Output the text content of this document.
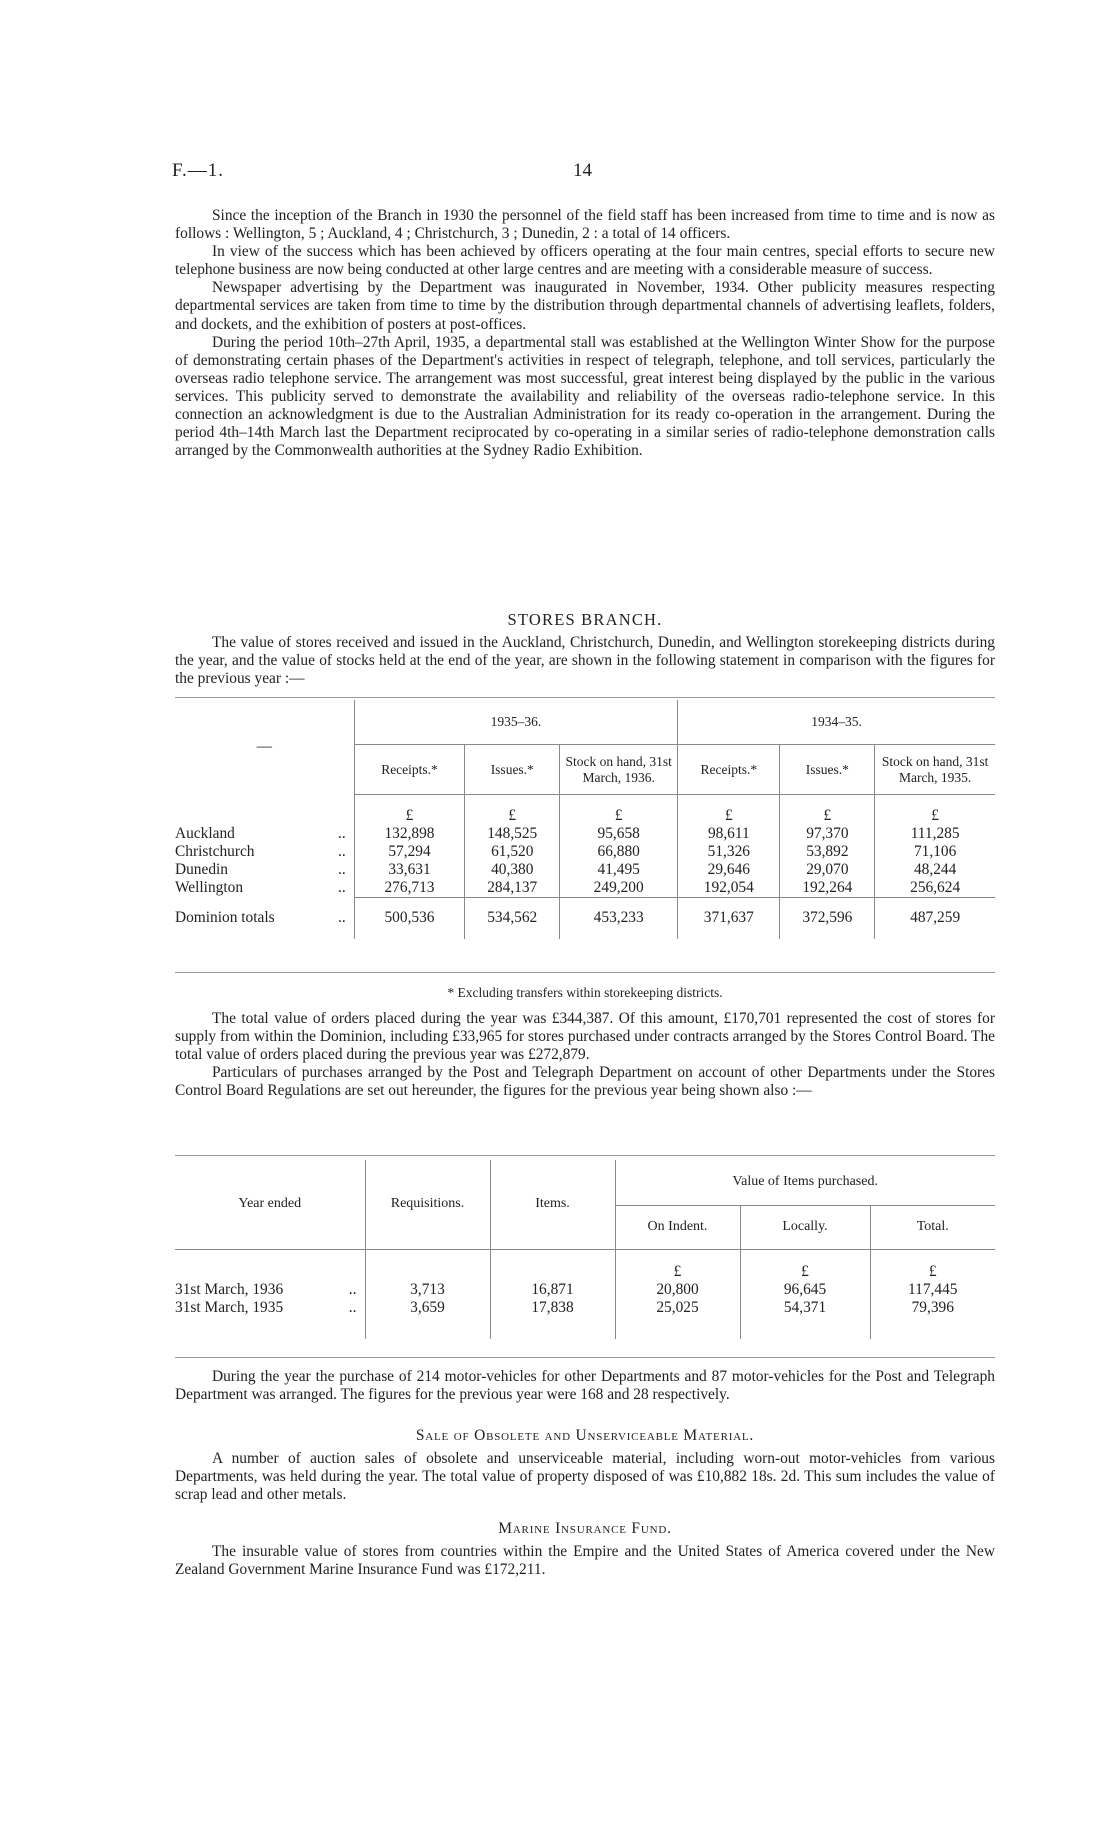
F.—1.	14

Since the inception of the Branch in 1930 the personnel of the field staff has been increased from time to time and is now as follows : Wellington, 5 ; Auckland, 4 ; Christchurch, 3 ; Dunedin, 2 : a total of 14 officers.

In view of the success which has been achieved by officers operating at the four main centres, special efforts to secure new telephone business are now being conducted at other large centres and are meeting with a considerable measure of success.

Newspaper advertising by the Department was inaugurated in November, 1934. Other publicity measures respecting departmental services are taken from time to time by the distribution through departmental channels of advertising leaflets, folders, and dockets, and the exhibition of posters at post-offices.

During the period 10th–27th April, 1935, a departmental stall was established at the Wellington Winter Show for the purpose of demonstrating certain phases of the Department's activities in respect of telegraph, telephone, and toll services, particularly the overseas radio telephone service. The arrangement was most successful, great interest being displayed by the public in the various services. This publicity served to demonstrate the availability and reliability of the overseas radio-telephone service. In this connection an acknowledgment is due to the Australian Administration for its ready co-operation in the arrangement. During the period 4th–14th March last the Department reciprocated by co-operating in a similar series of radio-telephone demonstration calls arranged by the Commonwealth authorities at the Sydney Radio Exhibition.

STORES BRANCH.

The value of stores received and issued in the Auckland, Christchurch, Dunedin, and Wellington storekeeping districts during the year, and the value of stocks held at the end of the year, are shown in the following statement in comparison with the figures for the previous year :—

—	1935–36.			1934–35.		
	Receipts.*	Issues.*	Stock on hand, 31st March, 1936.	Receipts.*	Issues.*	Stock on hand, 31st March, 1935.
	£	£	£	£	£	£
Auckland ..	132,898	148,525	95,658	98,611	97,370	111,285
Christchurch ..	57,294	61,520	66,880	51,326	53,892	71,106
Dunedin ..	33,631	40,380	41,495	29,646	29,070	48,244
Wellington ..	276,713	284,137	249,200	192,054	192,264	256,624
Dominion totals ..	500,536	534,562	453,233	371,637	372,596	487,259
* Excluding transfers within storekeeping districts.

The total value of orders placed during the year was £344,387. Of this amount, £170,701 represented the cost of stores for supply from within the Dominion, including £33,965 for stores purchased under contracts arranged by the Stores Control Board. The total value of orders placed during the previous year was £272,879.

Particulars of purchases arranged by the Post and Telegraph Department on account of other Departments under the Stores Control Board Regulations are set out hereunder, the figures for the previous year being shown also :—

Year ended	Requisitions.	Items.	Value of Items purchased.		
			On Indent.	Locally.	Total.
			£	£	£
31st March, 1936 ..	3,713	16,871	20,800	96,645	117,445
31st March, 1935 ..	3,659	17,838	25,025	54,371	79,396

During the year the purchase of 214 motor-vehicles for other Departments and 87 motor-vehicles for the Post and Telegraph Department was arranged. The figures for the previous year were 168 and 28 respectively.

Sale of Obsolete and Unserviceable Material.

A number of auction sales of obsolete and unserviceable material, including worn-out motor-vehicles from various Departments, was held during the year. The total value of property disposed of was £10,882 18s. 2d. This sum includes the value of scrap lead and other metals.

Marine Insurance Fund.

The insurable value of stores from countries within the Empire and the United States of America covered under the New Zealand Government Marine Insurance Fund was £172,211.
